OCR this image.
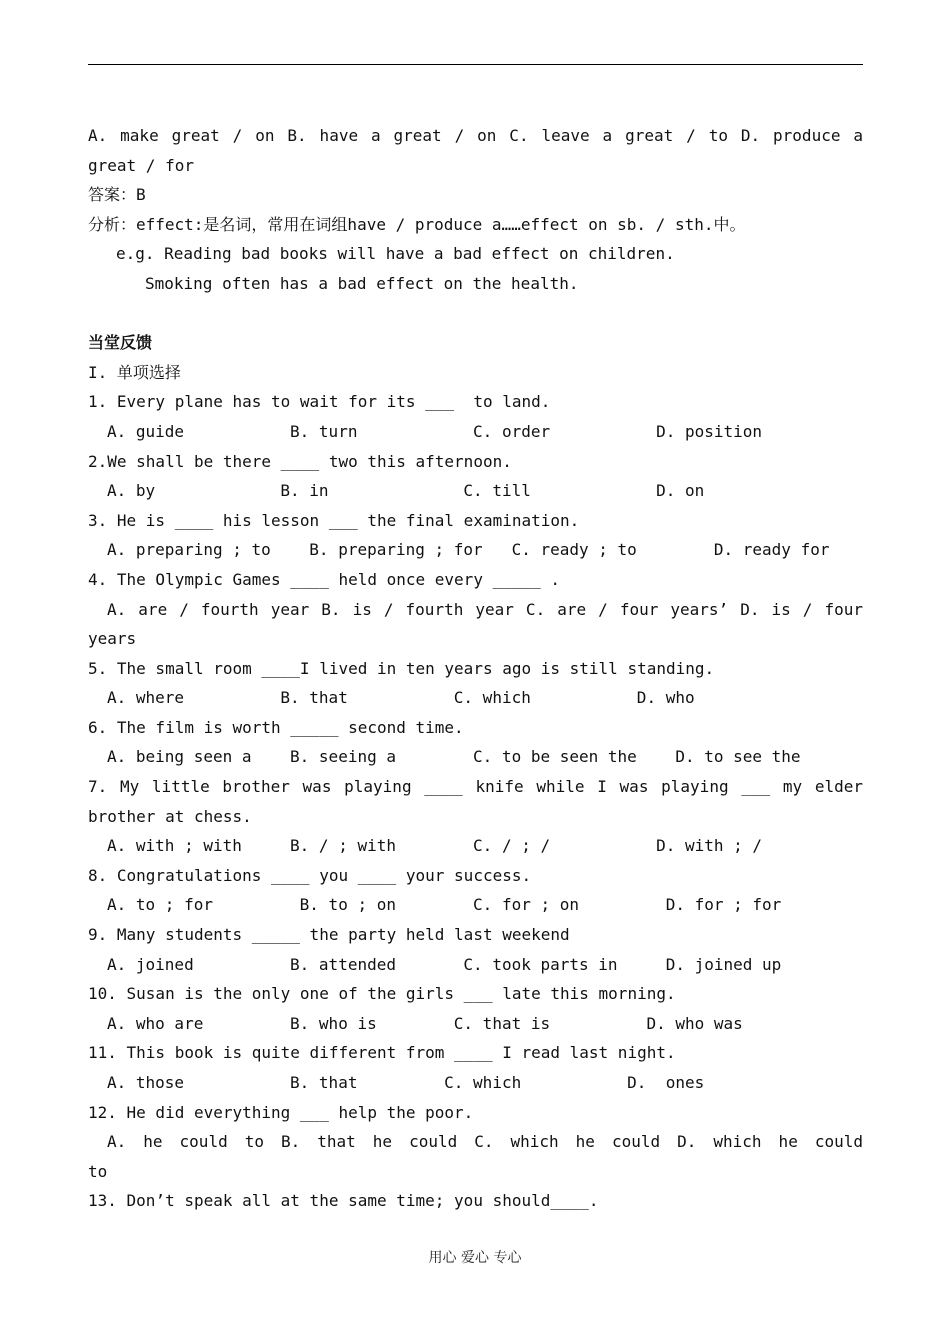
A. make great / on B. have a great / on C. leave a great / to D. produce a
great / for
答案：B
分析：effect:是名词，常用在词组have / produce a……effect on sb. / sth.中。
e.g. Reading bad books will have a bad effect on children.
Smoking often has a bad effect on the health.
当堂反馈
I. 单项选择
1. Every plane has to wait for its ___  to land.
A. guide           B. turn            C. order           D. position
2.We shall be there ____ two this afternoon.
A. by             B. in              C. till             D. on
3. He is ____ his lesson ___ the final examination.
A. preparing ; to    B. preparing ; for   C. ready ; to        D. ready for
4. The Olympic Games ____ held once every _____ .
A. are / fourth year B. is / fourth year C. are / four years’ D. is / four
years
5. The small room ____I lived in ten years ago is still standing.
A. where          B. that           C. which           D. who
6. The film is worth _____ second time.
A. being seen a    B. seeing a        C. to be seen the    D. to see the
7. My little brother was playing ____ knife while I was playing ___ my elder
brother at chess.
A. with ; with     B. / ; with        C. / ; /           D. with ; /
8. Congratulations ____ you ____ your success.
A. to ; for         B. to ; on        C. for ; on         D. for ; for
9. Many students _____ the party held last weekend
A. joined          B. attended       C. took parts in     D. joined up
10. Susan is the only one of the girls ___ late this morning.
A. who are         B. who is        C. that is          D. who was
11. This book is quite different from ____ I read last night.
A. those           B. that         C. which           D.  ones
12. He did everything ___ help the poor.
A. he could to B. that he could C. which he could D. which he could
to
13. Don’t speak all at the same time; you should____.
用心 爱心 专心
